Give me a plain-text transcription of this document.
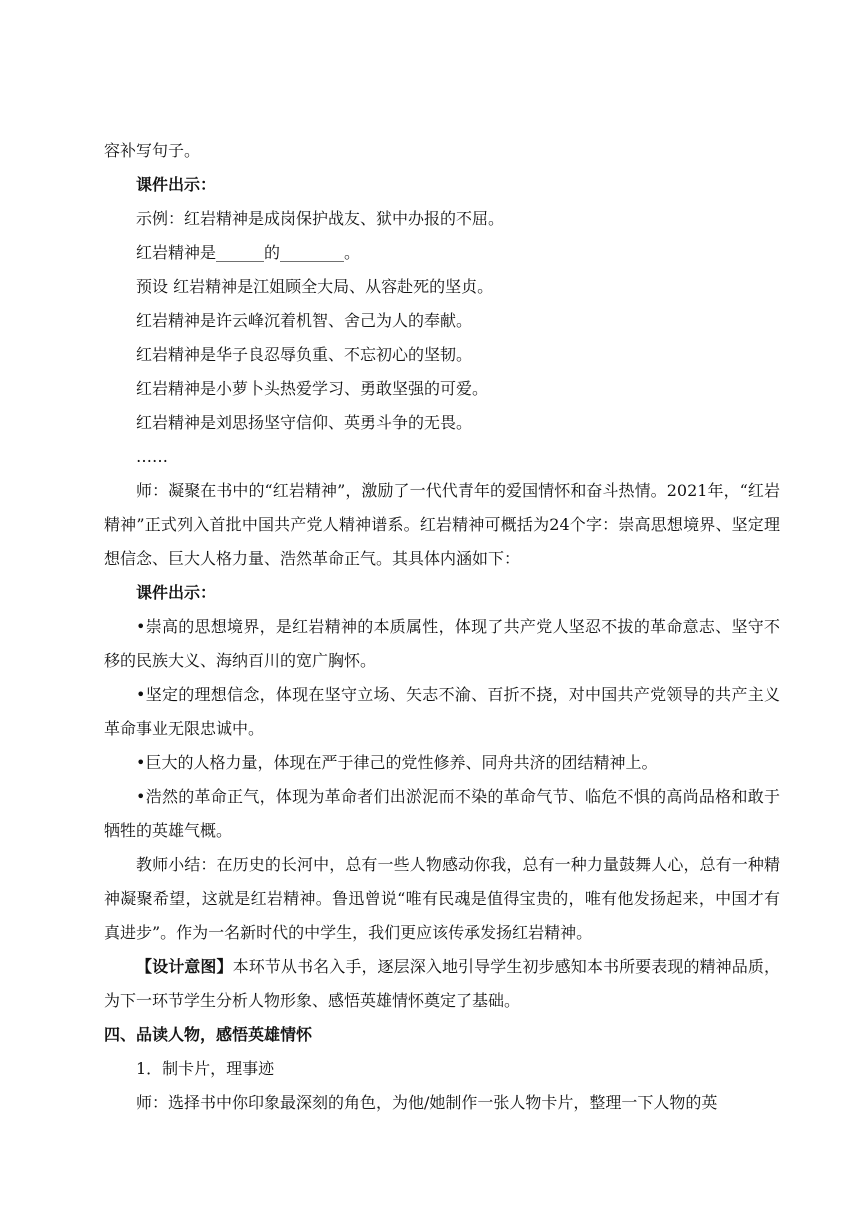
容补写句子。

课件出示：

示例：红岩精神是成岗保护战友、狱中办报的不屈。

红岩精神是______的________。

预设 红岩精神是江姐顾全大局、从容赴死的坚贞。

红岩精神是许云峰沉着机智、舍己为人的奉献。

红岩精神是华子良忍辱负重、不忘初心的坚韧。

红岩精神是小萝卜头热爱学习、勇敢坚强的可爱。

红岩精神是刘思扬坚守信仰、英勇斗争的无畏。

……

师：凝聚在书中的“红岩精神”，激励了一代代青年的爱国情怀和奋斗热情。2021年，“红岩精神”正式列入首批中国共产党人精神谱系。红岩精神可概括为24个字：崇高思想境界、坚定理想信念、巨大人格力量、浩然革命正气。其具体内涵如下：

课件出示：

•崇高的思想境界，是红岩精神的本质属性，体现了共产党人坚忍不拔的革命意志、坚守不移的民族大义、海纳百川的宽广胸怀。

•坚定的理想信念，体现在坚守立场、矢志不渝、百折不挠，对中国共产党领导的共产主义革命事业无限忠诚中。

•巨大的人格力量，体现在严于律己的党性修养、同舟共济的团结精神上。

•浩然的革命正气，体现为革命者们出淤泥而不染的革命气节、临危不惧的高尚品格和敢于牺牲的英雄气概。

教师小结：在历史的长河中，总有一些人物感动你我，总有一种力量鼓舞人心，总有一种精神凝聚希望，这就是红岩精神。鲁迅曾说“唯有民魂是值得宝贵的，唯有他发扬起来，中国才有真进步”。作为一名新时代的中学生，我们更应该传承发扬红岩精神。

【设计意图】本环节从书名入手，逐层深入地引导学生初步感知本书所要表现的精神品质，为下一环节学生分析人物形象、感悟英雄情怀奠定了基础。

四、品读人物，感悟英雄情怀

1．制卡片，理事迹

师：选择书中你印象最深刻的角色，为他/她制作一张人物卡片，整理一下人物的英
